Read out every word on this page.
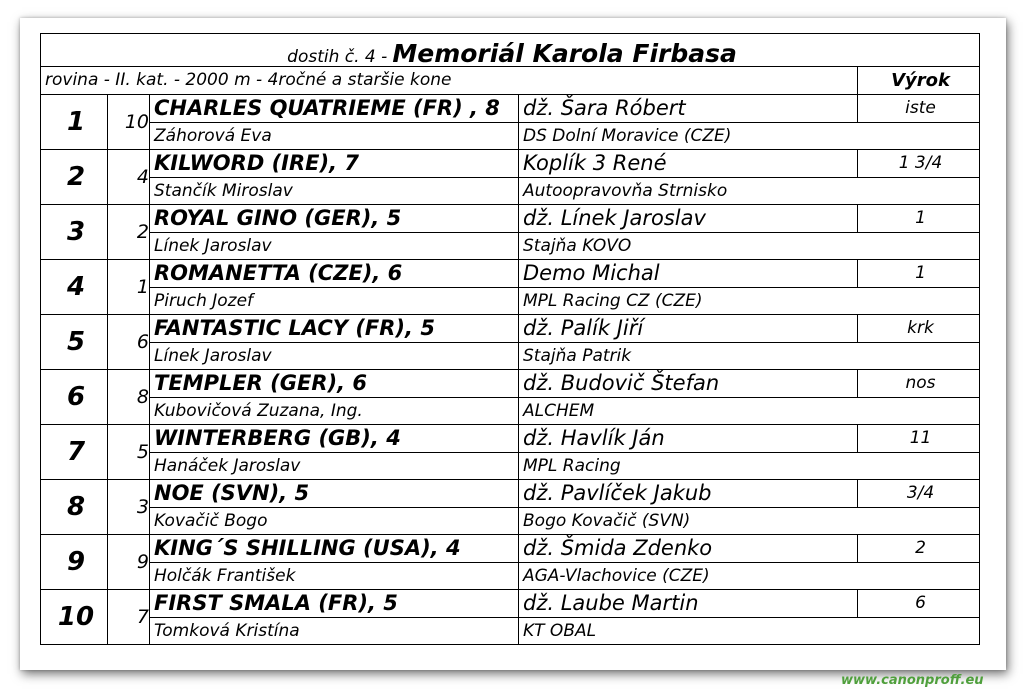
dostih č. 4 - Memoriál Karola Firbasa				
rovina - II. kat. - 2000 m - 4ročné a staršie kone				Výrok
1	10	CHARLES QUATRIEME (FR) , 8	dž. Šara Róbert	iste
		Záhorová Eva	DS Dolní Moravice (CZE)	
2	4	KILWORD (IRE), 7	Koplík 3 René	1 3/4
		Stančík Miroslav	Autoopravovňa Strnisko	
3	2	ROYAL GINO (GER), 5	dž. Línek Jaroslav	1
		Línek Jaroslav	Stajňa KOVO	
4	1	ROMANETTA (CZE), 6	Demo Michal	1
		Piruch Jozef	MPL Racing CZ (CZE)	
5	6	FANTASTIC LACY (FR), 5	dž. Palík Jiří	krk
		Línek Jaroslav	Stajňa Patrik	
6	8	TEMPLER (GER), 6	dž. Budovič Štefan	nos
		Kubovičová Zuzana, Ing.	ALCHEM	
7	5	WINTERBERG (GB), 4	dž. Havlík Ján	11
		Hanáček Jaroslav	MPL Racing	
8	3	NOE (SVN), 5	dž. Pavlíček Jakub	3/4
		Kovačič Bogo	Bogo Kovačič (SVN)	
9	9	KING´S SHILLING (USA), 4	dž. Šmida Zdenko	2
		Holčák František	AGA-Vlachovice (CZE)	
10	7	FIRST SMALA (FR), 5	dž. Laube Martin	6
		Tomková Kristína	KT OBAL	
www.canonproff.eu
